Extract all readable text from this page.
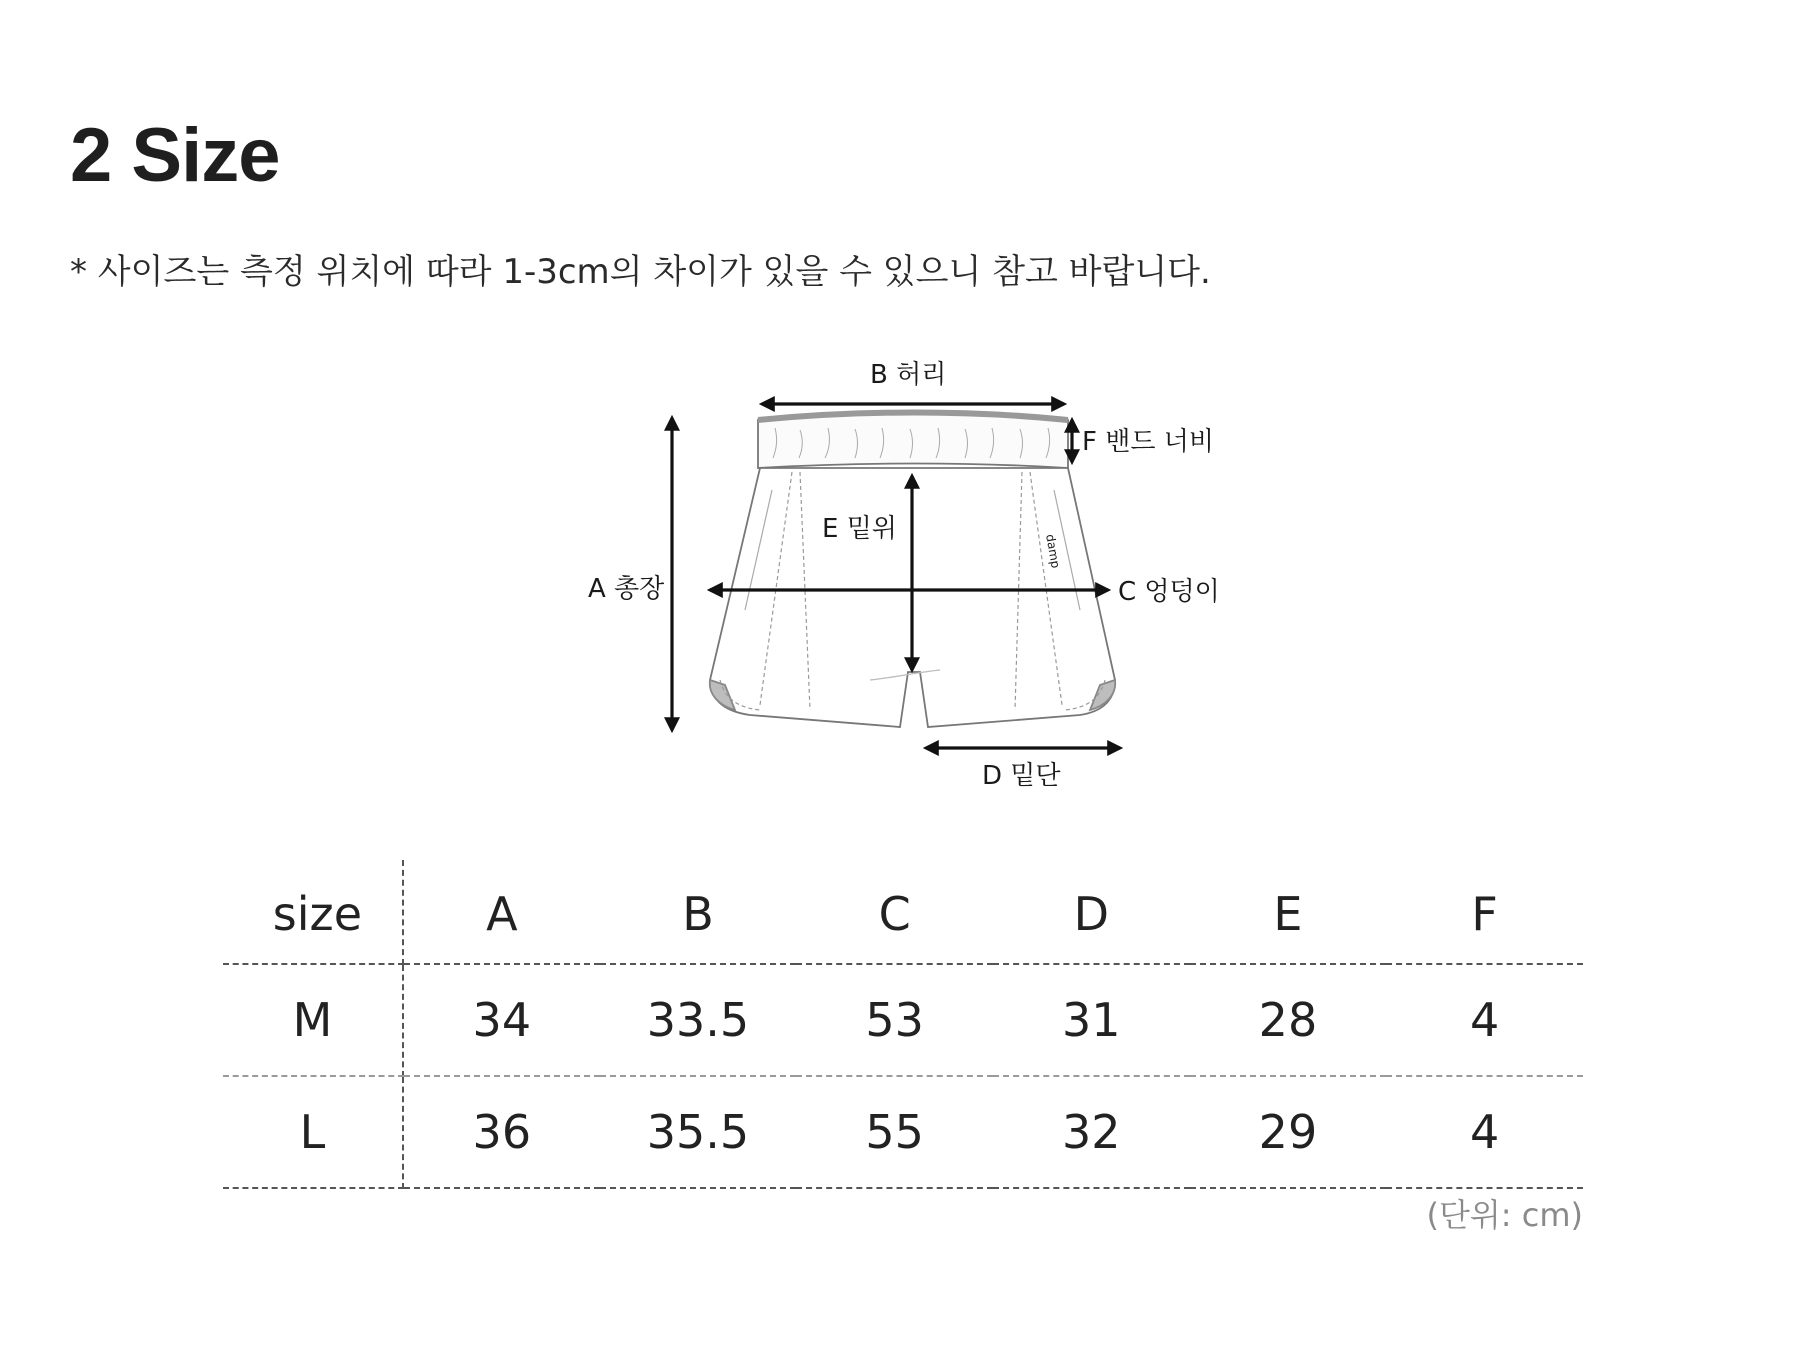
2 Size

* 사이즈는 측정 위치에 따라 1-3cm의 차이가 있을 수 있으니 참고 바랍니다.

damp
A 총장
B 허리
C 엉덩이
D 밑단
E 밑위
F 밴드 너비
size	A	B	C	D	E	F
M	34	33.5	53	31	28	4
L	36	35.5	55	32	29	4
(단위: cm)
